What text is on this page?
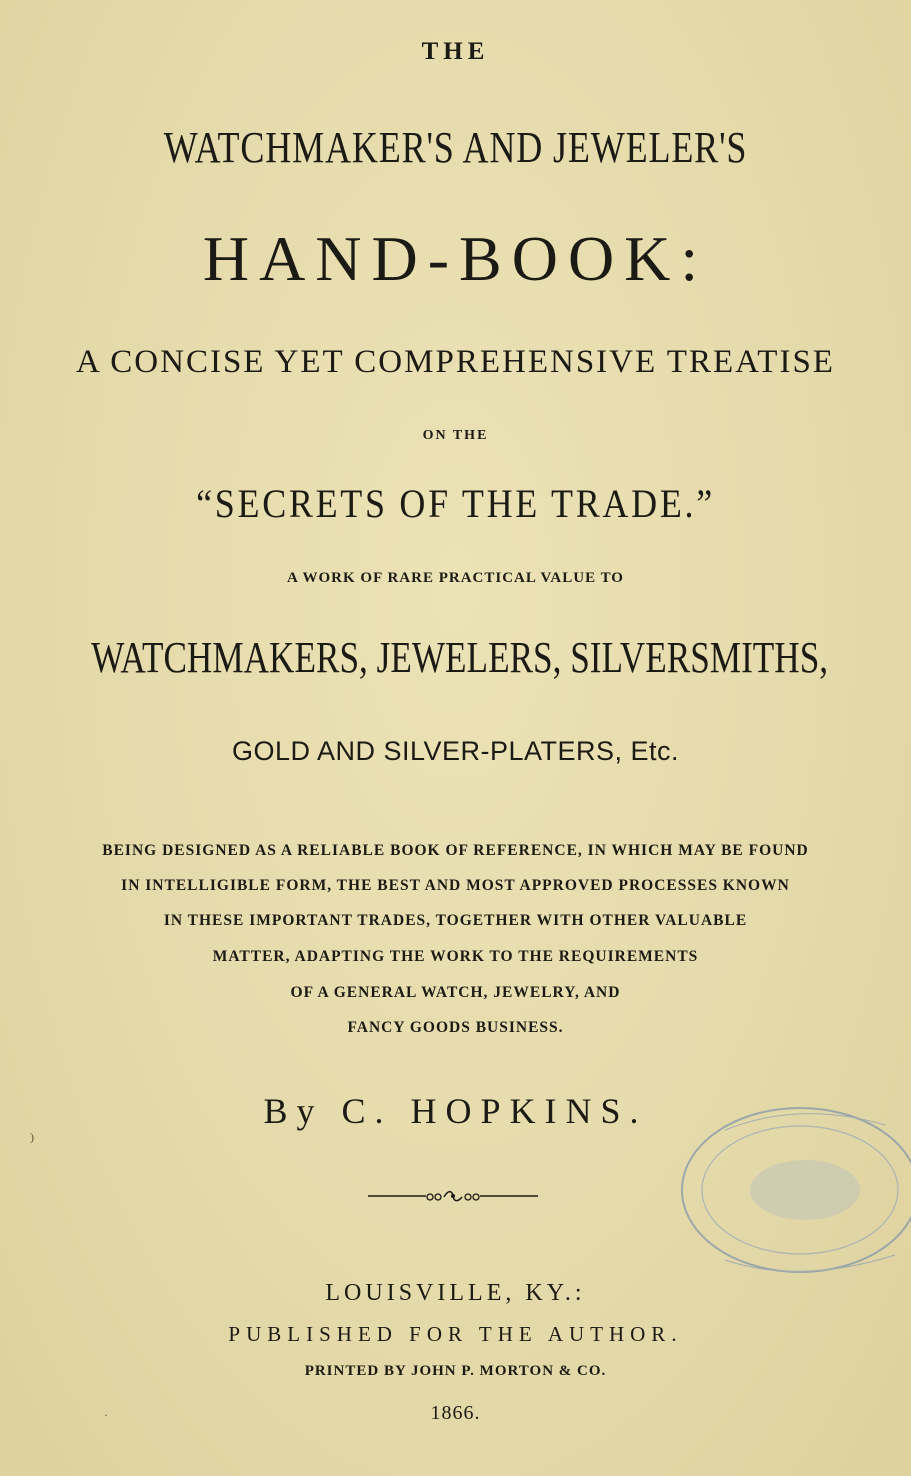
THE
WATCHMAKER'S AND JEWELER'S
HAND-BOOK:
A CONCISE YET COMPREHENSIVE TREATISE
ON THE
“SECRETS OF THE TRADE.”
A WORK OF RARE PRACTICAL VALUE TO
WATCHMAKERS, JEWELERS, SILVERSMITHS,
GOLD AND SILVER-PLATERS, Etc.
BEING DESIGNED AS A RELIABLE BOOK OF REFERENCE, IN WHICH MAY BE FOUND
IN INTELLIGIBLE FORM, THE BEST AND MOST APPROVED PROCESSES KNOWN
IN THESE IMPORTANT TRADES, TOGETHER WITH OTHER VALUABLE
MATTER, ADAPTING THE WORK TO THE REQUIREMENTS
OF A GENERAL WATCH, JEWELRY, AND
FANCY GOODS BUSINESS.
By C. HOPKINS.
LOUISVILLE, KY.:
PUBLISHED FOR THE AUTHOR.
PRINTED BY JOHN P. MORTON & CO.
1866.
)
·
